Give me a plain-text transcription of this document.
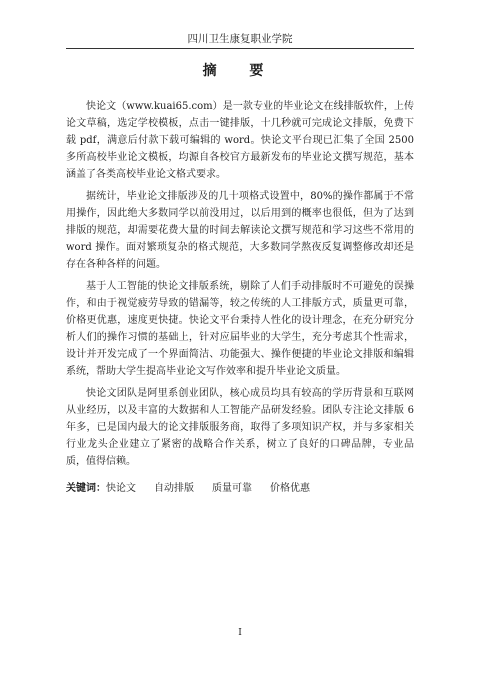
四川卫生康复职业学院
摘 要

快论文（www.kuai65.com）是一款专业的毕业论文在线排版软件，上传论文草稿，选定学校模板，点击一键排版，十几秒就可完成论文排版，免费下载 pdf，满意后付款下载可编辑的 word。快论文平台现已汇集了全国 2500 多所高校毕业论文模板，均源自各校官方最新发布的毕业论文撰写规范，基本涵盖了各类高校毕业论文格式要求。

据统计，毕业论文排版涉及的几十项格式设置中，80%的操作都属于不常用操作，因此绝大多数同学以前没用过，以后用到的概率也很低，但为了达到排版的规范，却需要花费大量的时间去解读论文撰写规范和学习这些不常用的 word 操作。面对繁琐复杂的格式规范，大多数同学熬夜反复调整修改却还是存在各种各样的问题。

基于人工智能的快论文排版系统，剔除了人们手动排版时不可避免的误操作，和由于视觉疲劳导致的错漏等，较之传统的人工排版方式，质量更可靠，价格更优惠，速度更快捷。快论文平台秉持人性化的设计理念，在充分研究分析人们的操作习惯的基础上，针对应届毕业的大学生，充分考虑其个性需求，设计并开发完成了一个界面简洁、功能强大、操作便捷的毕业论文排版和编辑系统，帮助大学生提高毕业论文写作效率和提升毕业论文质量。

快论文团队是阿里系创业团队，核心成员均具有较高的学历背景和互联网从业经历，以及丰富的大数据和人工智能产品研发经验。团队专注论文排版 6 年多，已是国内最大的论文排版服务商，取得了多项知识产权，并与多家相关行业龙头企业建立了紧密的战略合作关系，树立了良好的口碑品牌，专业品质，值得信赖。

关键词：快论文 自动排版 质量可靠 价格优惠
I
